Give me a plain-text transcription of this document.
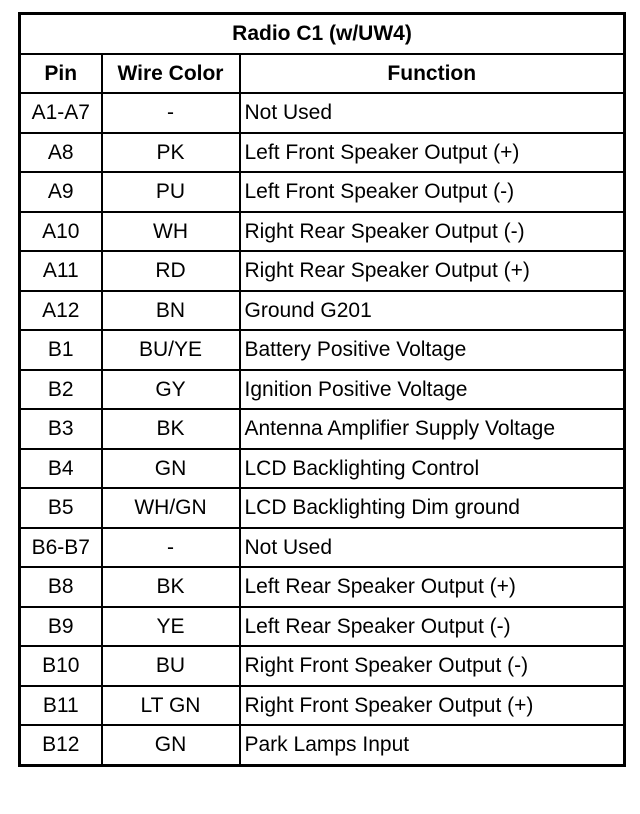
Radio C1 (w/UW4)		
Pin	Wire Color	Function
A1-A7	-	Not Used
A8	PK	Left Front Speaker Output (+)
A9	PU	Left Front Speaker Output (-)
A10	WH	Right Rear Speaker Output (-)
A11	RD	Right Rear Speaker Output (+)
A12	BN	Ground G201
B1	BU/YE	Battery Positive Voltage
B2	GY	Ignition Positive Voltage
B3	BK	Antenna Amplifier Supply Voltage
B4	GN	LCD Backlighting Control
B5	WH/GN	LCD Backlighting Dim ground
B6-B7	-	Not Used
B8	BK	Left Rear Speaker Output (+)
B9	YE	Left Rear Speaker Output (-)
B10	BU	Right Front Speaker Output (-)
B11	LT GN	Right Front Speaker Output (+)
B12	GN	Park Lamps Input
